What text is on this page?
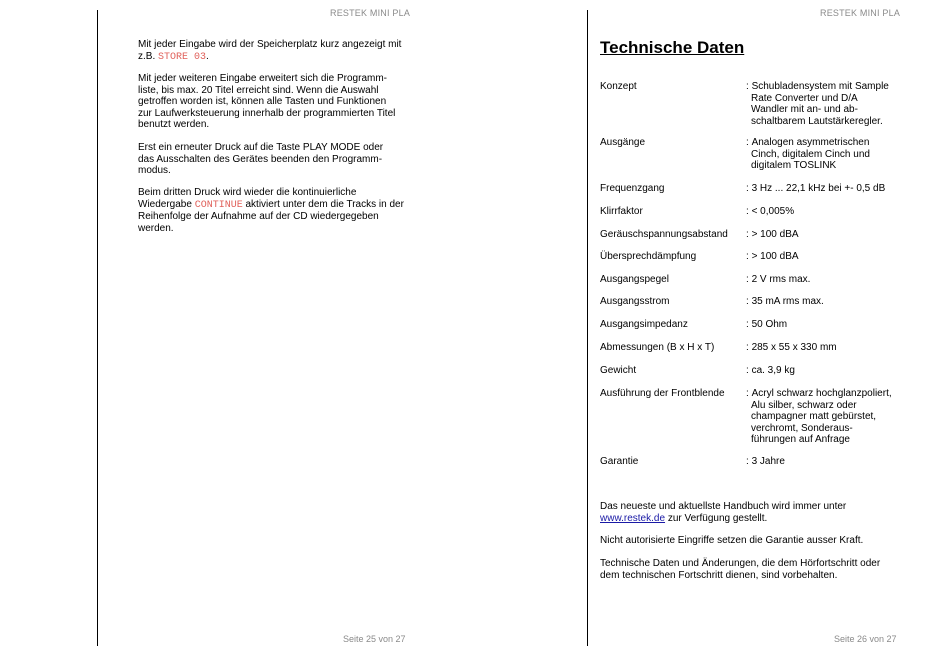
RESTEK MINI PLA
Mit jeder Eingabe wird der Speicherplatz kurz angezeigt mit
z.B. STORE 03.
Mit jeder weiteren Eingabe erweitert sich die Programm-
liste, bis max. 20 Titel erreicht sind. Wenn die Auswahl
getroffen worden ist, können alle Tasten und Funktionen
zur Laufwerksteuerung innerhalb der programmierten Titel
benutzt werden.
Erst ein erneuter Druck auf die Taste PLAY MODE oder
das Ausschalten des Gerätes beenden den Programm-
modus.
Beim dritten Druck wird wieder die kontinuierliche
Wiedergabe CONTINUE aktiviert unter dem die Tracks in der
Reihenfolge der Aufnahme auf der CD wiedergegeben
werden.
Seite 25 von 27
RESTEK MINI PLA
Technische Daten
Konzept	: Schubladensystem mit Sample
Rate Converter und D/A
Wandler mit an- und ab-
schaltbarem Lautstärkeregler.
Ausgänge	: Analogen asymmetrischen
Cinch, digitalem Cinch und
digitalem TOSLINK
Frequenzgang	: 3 Hz ... 22,1 kHz bei +- 0,5 dB
Klirrfaktor	: < 0,005%
Geräuschspannungsabstand : > 100 dBA
Übersprechdämpfung	: > 100 dBA
Ausgangspegel	: 2 V rms max.
Ausgangsstrom	: 35 mA rms max.
Ausgangsimpedanz	: 50 Ohm
Abmessungen (B x H x T)	: 285 x 55 x 330 mm
Gewicht	: ca. 3,9 kg
Ausführung der Frontblende : Acryl schwarz hochglanzpoliert,
Alu silber, schwarz oder
champagner matt gebürstet,
verchromt, Sonderaus-
führungen auf Anfrage
Garantie	: 3 Jahre
Das neueste und aktuellste Handbuch wird immer unter
www.restek.de zur Verfügung gestellt.
Nicht autorisierte Eingriffe setzen die Garantie ausser Kraft.
Technische Daten und Änderungen, die dem Hörfortschritt oder
dem technischen Fortschritt dienen, sind vorbehalten.
Seite 26 von 27
